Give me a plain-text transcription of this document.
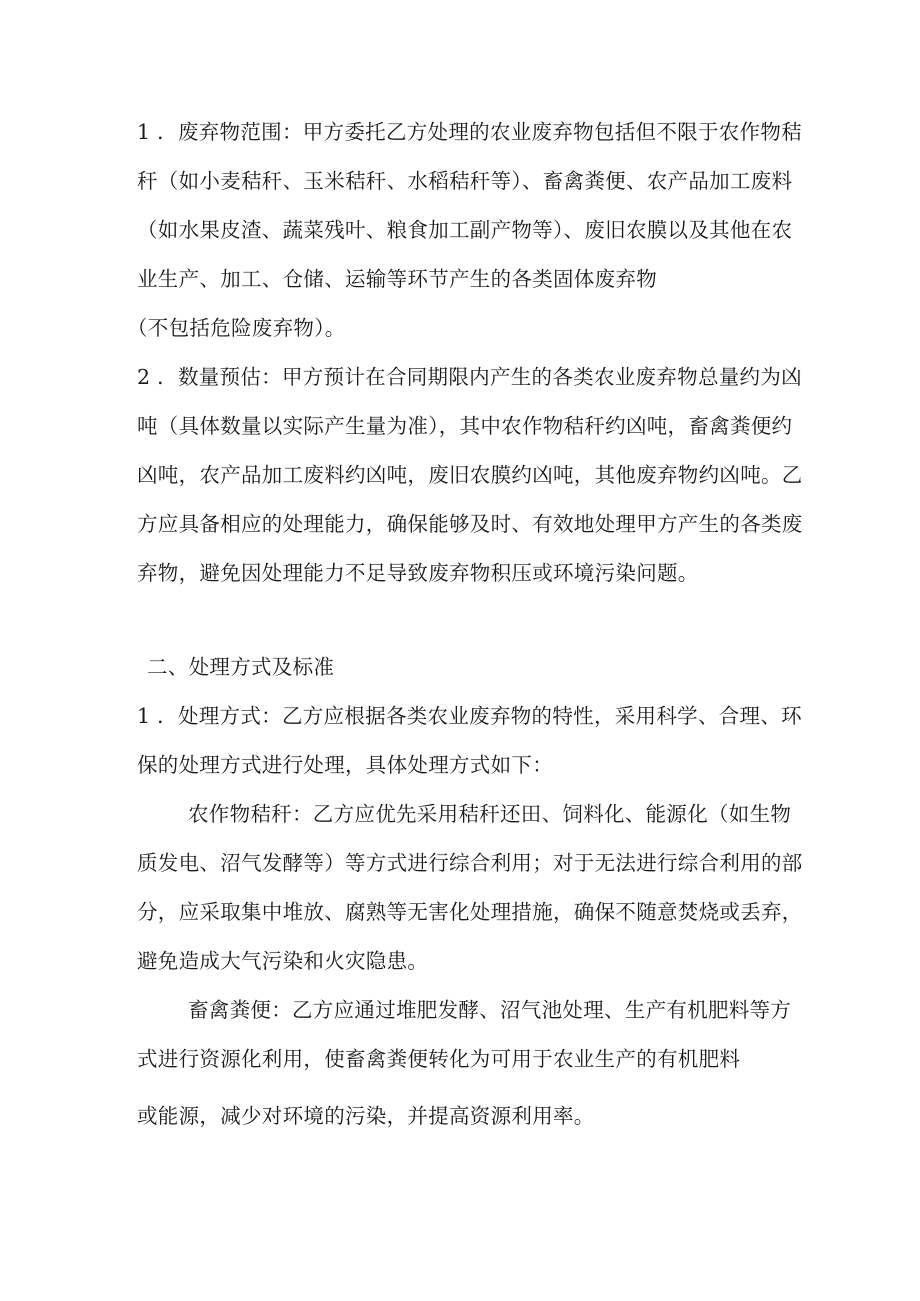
1 ．废弃物范围：甲方委托乙方处理的农业废弃物包括但不限于农作物秸
秆（如小麦秸秆、玉米秸秆、水稻秸秆等）、畜禽粪便、农产品加工废料
（如水果皮渣、蔬菜残叶、粮食加工副产物等）、废旧农膜以及其他在农
业生产、加工、仓储、运输等环节产生的各类固体废弃物
（不包括危险废弃物）。
2 ．数量预估：甲方预计在合同期限内产生的各类农业废弃物总量约为凶
吨（具体数量以实际产生量为准），其中农作物秸秆约凶吨，畜禽粪便约
凶吨，农产品加工废料约凶吨，废旧农膜约凶吨，其他废弃物约凶吨。乙
方应具备相应的处理能力，确保能够及时、有效地处理甲方产生的各类废
弃物，避免因处理能力不足导致废弃物积压或环境污染问题。
二、处理方式及标准
1 ．处理方式：乙方应根据各类农业废弃物的特性，采用科学、合理、环
保的处理方式进行处理，具体处理方式如下：
农作物秸秆：乙方应优先采用秸秆还田、饲料化、能源化（如生物
质发电、沼气发酵等）等方式进行综合利用；对于无法进行综合利用的部
分，应采取集中堆放、腐熟等无害化处理措施，确保不随意焚烧或丢弃，
避免造成大气污染和火灾隐患。
畜禽粪便：乙方应通过堆肥发酵、沼气池处理、生产有机肥料等方
式进行资源化利用，使畜禽粪便转化为可用于农业生产的有机肥料
或能源，减少对环境的污染，并提高资源利用率。
